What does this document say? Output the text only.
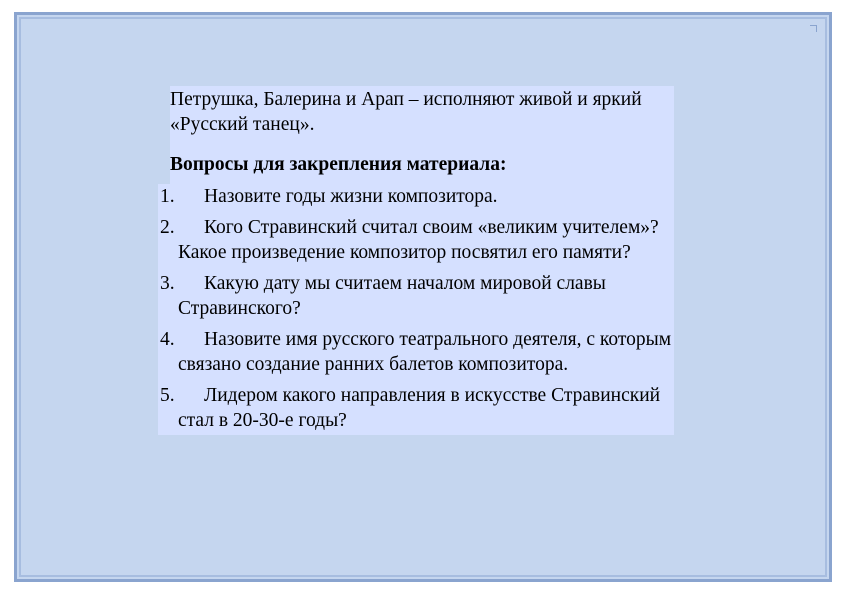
Петрушка, Балерина и Арап – исполняют живой и яркий «Русский танец».

Вопросы для закрепления материала:
1.	Назовите годы жизни композитора.
2.	Кого Стравинский считал своим «великим учителем»? Какое произведение композитор посвятил его памяти?
3.	Какую дату мы считаем началом мировой славы Стравинского?
4.	Назовите имя русского театрального деятеля, с которым связано создание ранних балетов композитора.
5.	Лидером какого направления в искусстве Стравинский стал в 20-30-е годы?
